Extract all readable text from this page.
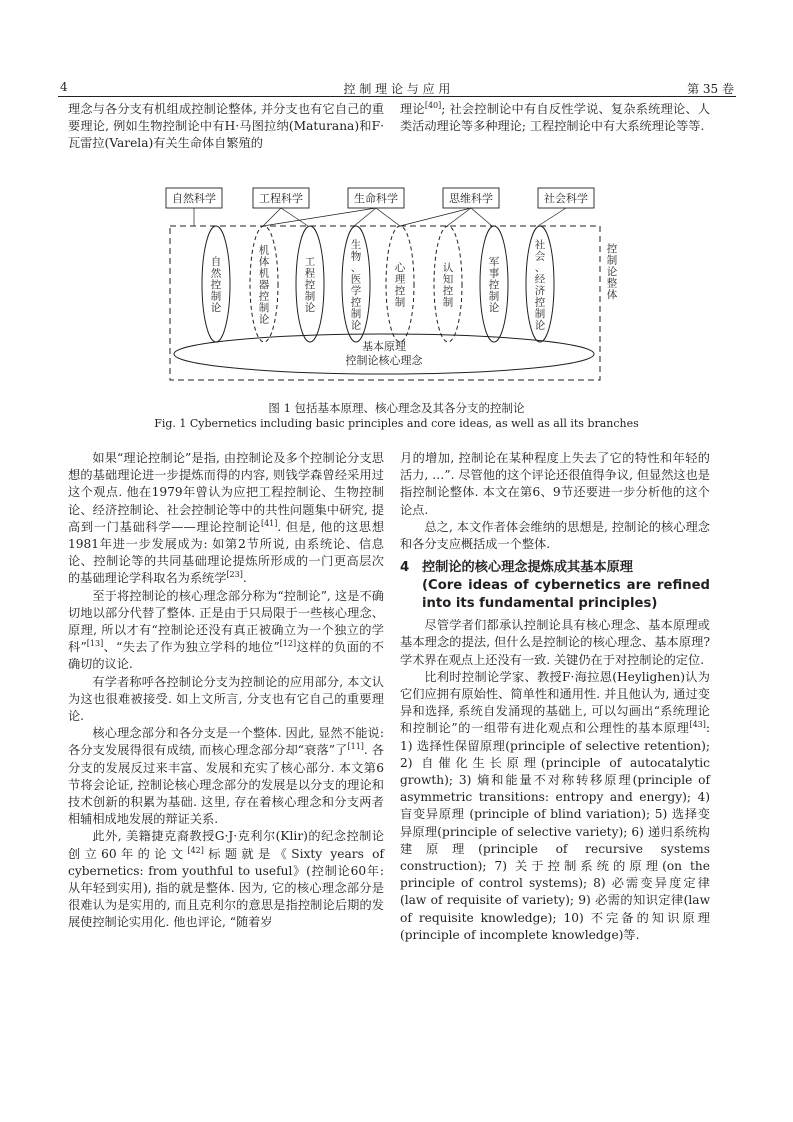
4	控 制 理 论 与 应 用	第 35 卷

理念与各分支有机组成控制论整体, 并分支也有它自己的重要理论, 例如生物控制论中有H·马图拉纳(Maturana)和F·瓦雷拉(Varela)有关生命体自繁殖的

理论[40]; 社会控制论中有自反性学说、复杂系统理论、人类活动理论等多种理论; 工程控制论中有大系统理论等等.

自然科学	工程科学	生命科学	思维科学	社会科学
基本原理
控制论核心理念
自然控制论
机体机器控制论
工程控制论
生物、医学控制论
心理控制
认知控制
军事控制论
社会、经济控制论
控制论整体
图 1 包括基本原理、核心理念及其各分支的控制论
Fig. 1 Cybernetics including basic principles and core ideas, as well as all its branches

如果“理论控制论”是指, 由控制论及多个控制论分支思想的基础理论进一步提炼而得的内容, 则钱学森曾经采用过这个观点. 他在1979年曾认为应把工程控制论、生物控制论、经济控制论、社会控制论等中的共性问题集中研究, 提高到一门基础科学——理论控制论[41]. 但是, 他的这思想1981年进一步发展成为: 如第2节所说, 由系统论、信息论、控制论等的共同基础理论提炼所形成的一门更高层次的基础理论学科取名为系统学[23].

至于将控制论的核心理念部分称为“控制论”, 这是不确切地以部分代替了整体. 正是由于只局限于一些核心理念、原理, 所以才有“控制论还没有真正被确立为一个独立的学科”[13]、“失去了作为独立学科的地位”[12]这样的负面的不确切的议论.

有学者称呼各控制论分支为控制论的应用部分, 本文认为这也很难被接受. 如上文所言, 分支也有它自己的重要理论.

核心理念部分和各分支是一个整体. 因此, 显然不能说: 各分支发展得很有成绩, 而核心理念部分却“衰落”了[11]. 各分支的发展反过来丰富、发展和充实了核心部分. 本文第6节将会论证, 控制论核心理念部分的发展是以分支的理论和技术创新的积累为基础. 这里, 存在着核心理念和分支两者相辅相成地发展的辩证关系.

此外, 美籍捷克裔教授G·J·克利尔(Klir)的纪念控制论创立60年的论文[42]标题就是《Sixty years of cybernetics: from youthful to useful》(控制论60年: 从年轻到实用), 指的就是整体. 因为, 它的核心理念部分是很难认为是实用的, 而且克利尔的意思是指控制论后期的发展使控制论实用化. 他也评论, “随着岁

月的增加, 控制论在某种程度上失去了它的特性和年轻的活力, …”. 尽管他的这个评论还很值得争议, 但显然这也是指控制论整体. 本文在第6、9节还要进一步分析他的这个论点.

总之, 本文作者体会维纳的思想是, 控制论的核心理念和各分支应概括成一个整体.

4 控制论的核心理念提炼成其基本原理
(Core ideas of cybernetics are refined into its fundamental principles)

尽管学者们都承认控制论具有核心理念、基本原理或基本理念的提法, 但什么是控制论的核心理念、基本原理? 学术界在观点上还没有一致. 关键仍在于对控制论的定位.

比利时控制论学家、教授F·海拉恩(Heylighen)认为它们应拥有原始性、简单性和通用性. 并且他认为, 通过变异和选择, 系统自发涌现的基础上, 可以勾画出“系统理论和控制论”的一组带有进化观点和公理性的基本原理[43]: 1) 选择性保留原理(principle of selective retention); 2) 自催化生长原理(principle of autocatalytic growth); 3) 熵和能量不对称转移原理(principle of asymmetric transitions: entropy and energy); 4) 盲变异原理 (principle of blind variation); 5) 选择变异原理(principle of selective variety); 6) 递归系统构建原理(principle of recursive systems construction); 7) 关于控制系统的原理(on the principle of control systems); 8) 必需变异度定律(law of requisite of variety); 9) 必需的知识定律(law of requisite knowledge); 10) 不完备的知识原理(principle of incomplete knowledge)等.
